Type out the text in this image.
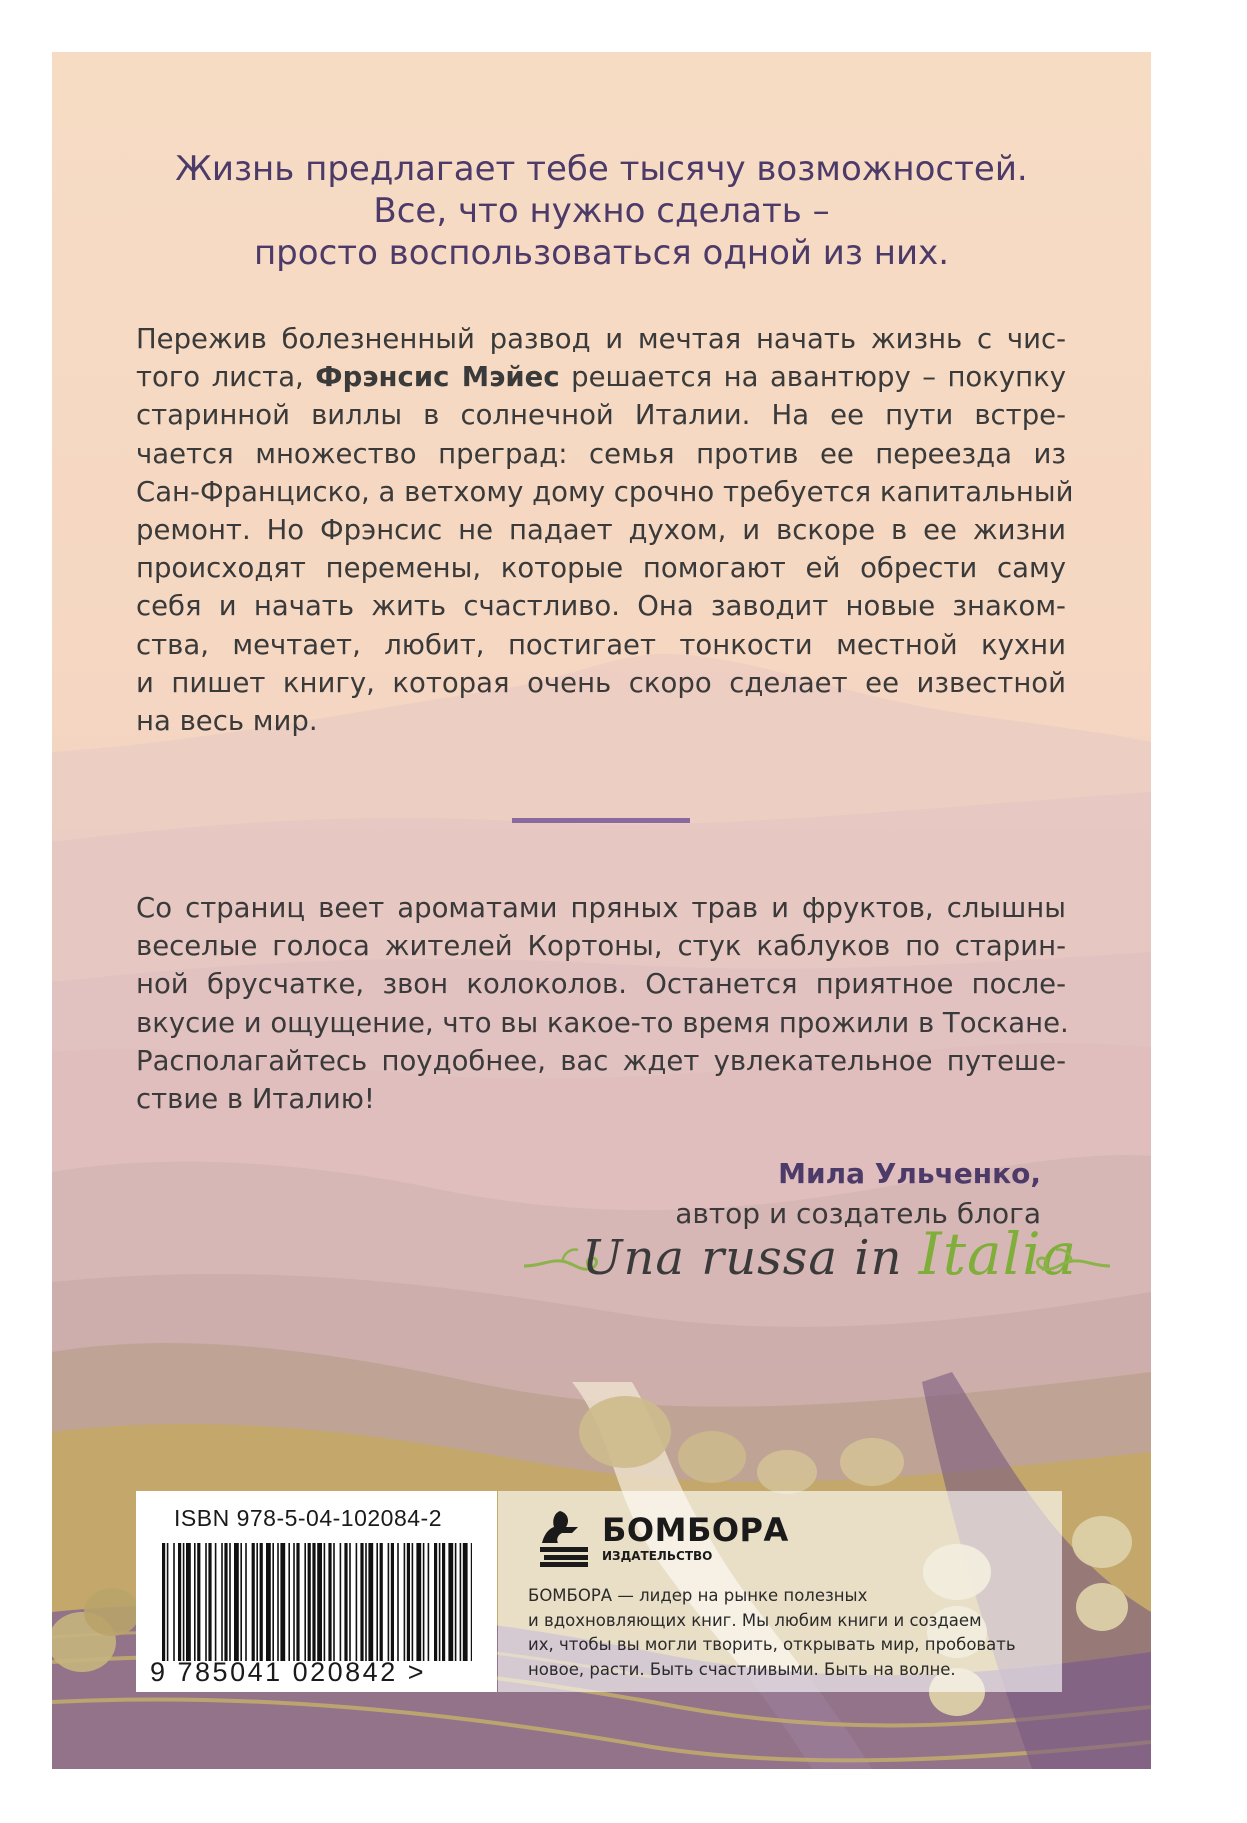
Жизнь предлагает тебе тысячу возможностей.
Все, что нужно сделать –
просто воспользоваться одной из них.
Пережив болезненный развод и мечтая начать жизнь с чис-
того листа, Фрэнсис Мэйес решается на авантюру – покупку
старинной виллы в солнечной Италии. На ее пути встре-
чается множество преград: семья против ее переезда из
Сан-Франциско, а ветхому дому срочно требуется капитальный
ремонт. Но Фрэнсис не падает духом, и вскоре в ее жизни
происходят перемены, которые помогают ей обрести саму
себя и начать жить счастливо. Она заводит новые знаком-
ства, мечтает, любит, постигает тонкости местной кухни
и пишет книгу, которая очень скоро сделает ее известной
на весь мир.
Со страниц веет ароматами пряных трав и фруктов, слышны
веселые голоса жителей Кортоны, стук каблуков по старин-
ной брусчатке, звон колоколов. Останется приятное после-
вкусие и ощущение, что вы какое-то время прожили в Тоскане.
Располагайтесь поудобнее, вас ждет увлекательное путеше-
ствие в Италию!

Мила Ульченко,

автор и создатель блога

Una russa in Italia

ISBN 978-5-04-102084-2

9 785041 020842 >

БОМБОРА

ИЗДАТЕЛЬСТВО

БОМБОРА — лидер на рынке полезных
и вдохновляющих книг. Мы любим книги и создаем
их, чтобы вы могли творить, открывать мир, пробовать
новое, расти. Быть счастливыми. Быть на волне.
